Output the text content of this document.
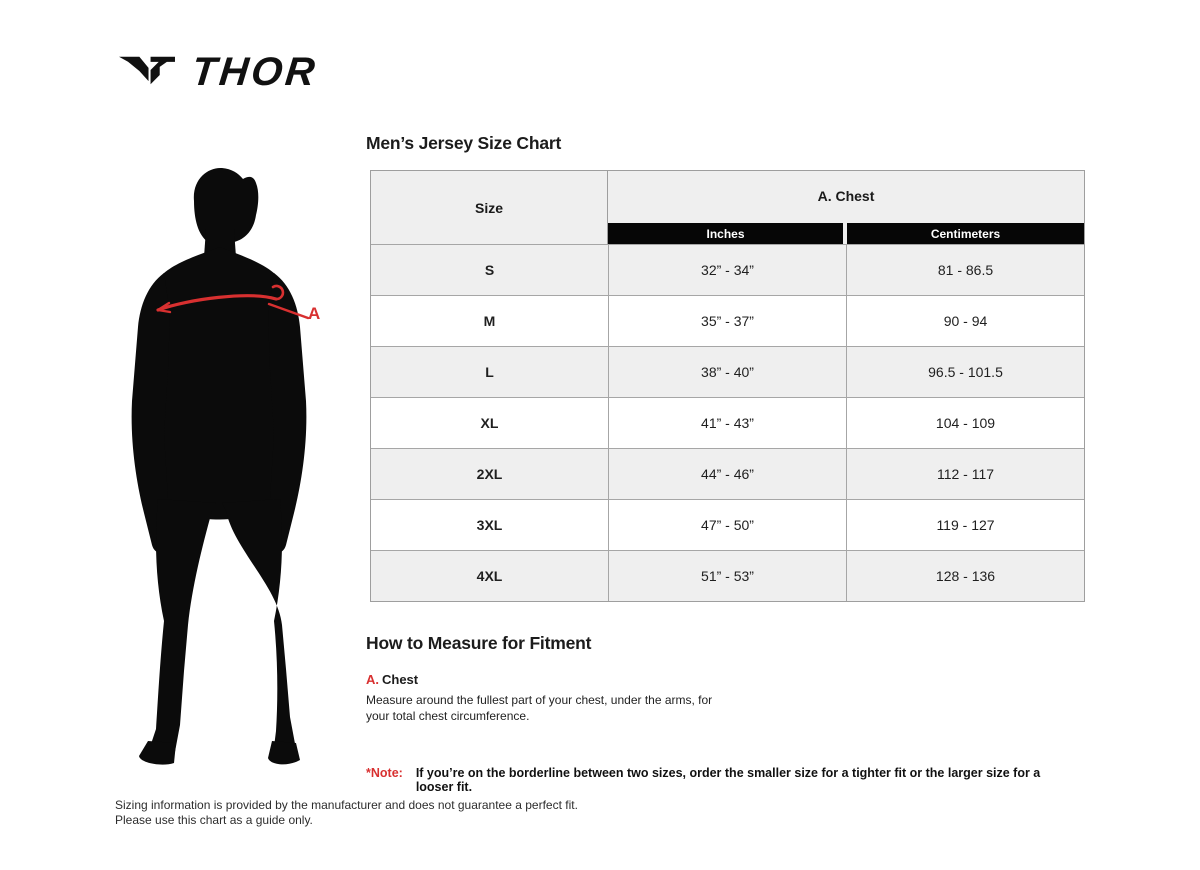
THOR
A
Men’s Jersey Size Chart
Size
A. Chest
Inches	Centimeters
S	32” - 34”	81 - 86.5
M	35” - 37”	90 - 94
L	38” - 40”	96.5 - 101.5
XL	41” - 43”	104 - 109
2XL	44” - 46”	112 - 117
3XL	47” - 50”	119 - 127
4XL	51” - 53”	128 - 136
How to Measure for Fitment
A. Chest
Measure around the fullest part of your chest, under the arms, for your total chest circumference.
*Note: If you’re on the borderline between two sizes, order the smaller size for a tighter fit or the larger size for a looser fit.
Sizing information is provided by the manufacturer and does not guarantee a perfect fit.
Please use this chart as a guide only.
